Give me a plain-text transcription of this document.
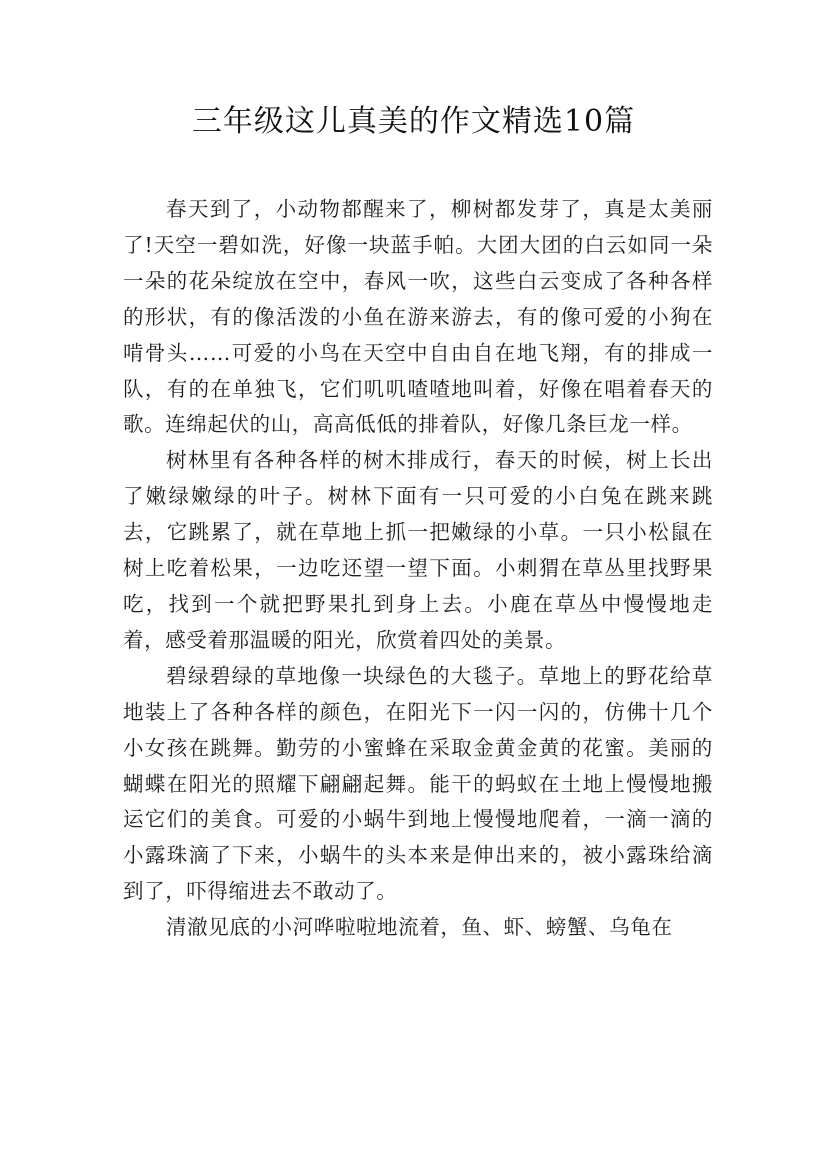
三年级这儿真美的作文精选10篇

春天到了，小动物都醒来了，柳树都发芽了，真是太美丽了!天空一碧如洗，好像一块蓝手帕。大团大团的白云如同一朵一朵的花朵绽放在空中，春风一吹，这些白云变成了各种各样的形状，有的像活泼的小鱼在游来游去，有的像可爱的小狗在啃骨头……可爱的小鸟在天空中自由自在地飞翔，有的排成一队，有的在单独飞，它们叽叽喳喳地叫着，好像在唱着春天的歌。连绵起伏的山，高高低低的排着队，好像几条巨龙一样。

树林里有各种各样的树木排成行，春天的时候，树上长出了嫩绿嫩绿的叶子。树林下面有一只可爱的小白兔在跳来跳去，它跳累了，就在草地上抓一把嫩绿的小草。一只小松鼠在树上吃着松果，一边吃还望一望下面。小刺猬在草丛里找野果吃，找到一个就把野果扎到身上去。小鹿在草丛中慢慢地走着，感受着那温暖的阳光，欣赏着四处的美景。

碧绿碧绿的草地像一块绿色的大毯子。草地上的野花给草地装上了各种各样的颜色，在阳光下一闪一闪的，仿佛十几个小女孩在跳舞。勤劳的小蜜蜂在采取金黄金黄的花蜜。美丽的蝴蝶在阳光的照耀下翩翩起舞。能干的蚂蚁在土地上慢慢地搬运它们的美食。可爱的小蜗牛到地上慢慢地爬着，一滴一滴的小露珠滴了下来，小蜗牛的头本来是伸出来的，被小露珠给滴到了，吓得缩进去不敢动了。

清澈见底的小河哗啦啦地流着，鱼、虾、螃蟹、乌龟在
